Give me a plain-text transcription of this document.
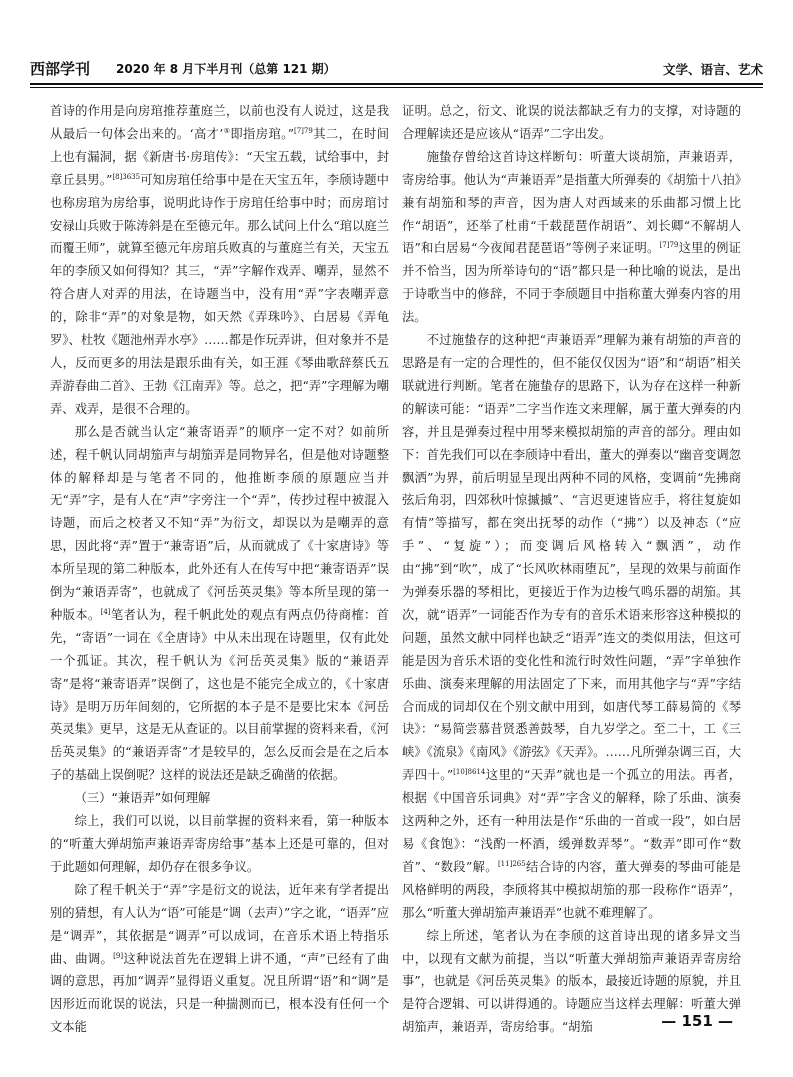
西部学刊 2020 年 8 月下半月刊（总第 121 期）	文学、语言、艺术

首诗的作用是向房琯推荐董庭兰，以前也没有人说过，这是我从最后一句体会出来的。‘高才’⑤即指房琯。”$^{[7]79}$其二，在时间上也有漏洞，据《新唐书·房琯传》：“天宝五载，试给事中，封章丘县男。”$^{[8]3635}$可知房琯任给事中是在天宝五年，李颀诗题中也称房琯为房给事，说明此诗作于房琯任给事中时；而房琯讨安禄山兵败于陈涛斜是在至德元年。那么试问上什么“琯以庭兰而覆王师”，就算至德元年房琯兵败真的与董庭兰有关，天宝五年的李颀又如何得知？其三，“弄”字解作戏弄、嘲弄，显然不符合唐人对弄的用法，在诗题当中，没有用“弄”字表嘲弄意的，除非“弄”的对象是物，如天然《弄珠吟》、白居易《弄龟罗》、杜牧《题池州弄水亭》……都是作玩弄讲，但对象并不是人，反而更多的用法是跟乐曲有关，如王涯《琴曲歌辞蔡氏五弄游春曲二首》、王勃《江南弄》等。总之，把“弄”字理解为嘲弄、戏弄，是很不合理的。

那么是否就当认定“兼寄语弄”的顺序一定不对？如前所述，程千帆认同胡笳声与胡笳弄是同物异名，但是他对诗题整体的解释却是与笔者不同的，他推断李颀的原题应当并无“弄”字，是有人在“声”字旁注一个“弄”，传抄过程中被混入诗题，而后之校者又不知“弄”为衍文，却误以为是嘲弄的意思，因此将“弄”置于“兼寄语”后，从而就成了《十家唐诗》等本所呈现的第二种版本，此外还有人在传写中把“兼寄语弄”误倒为“兼语弄寄”，也就成了《河岳英灵集》等本所呈现的第一种版本。[4]笔者认为，程千帆此处的观点有两点仍待商榷：首先，“寄语”一词在《全唐诗》中从未出现在诗题里，仅有此处一个孤证。其次，程千帆认为《河岳英灵集》版的“兼语弄寄”是将“兼寄语弄”误倒了，这也是不能完全成立的，《十家唐诗》是明万历年间刻的，它所据的本子是不是要比宋本《河岳英灵集》更早，这是无从查证的。以目前掌握的资料来看，《河岳英灵集》的“兼语弄寄”才是较早的，怎么反而会是在之后本子的基础上误倒呢？这样的说法还是缺乏确凿的依据。

（三）“兼语弄”如何理解

综上，我们可以说，以目前掌握的资料来看，第一种版本的“听董大弹胡笳声兼语弄寄房给事”基本上还是可靠的，但对于此题如何理解，却仍存在很多争议。

除了程千帆关于“弄”字是衍文的说法，近年来有学者提出别的猜想，有人认为“语”可能是“调（去声）”字之讹，“语弄”应是“调弄”，其依据是“调弄”可以成词，在音乐术语上特指乐曲、曲调。[9]这种说法首先在逻辑上讲不通，“声”已经有了曲调的意思，再加“调弄”显得语义重复。况且所谓“语”和“调”是因形近而讹误的说法，只是一种揣测而已，根本没有任何一个文本能

证明。总之，衍文、讹误的说法都缺乏有力的支撑，对诗题的合理解读还是应该从“语弄”二字出发。

施蛰存曾给这首诗这样断句：听董大谈胡笳，声兼语弄，寄房给事。他认为“声兼语弄”是指董大所弹奏的《胡笳十八拍》兼有胡笳和琴的声音，因为唐人对西域来的乐曲都习惯上比作“胡语”，还举了杜甫“千载琵琶作胡语”、刘长卿“不解胡人语”和白居易“今夜闻君琵琶语”等例子来证明。$^{[7]79}$这里的例证并不恰当，因为所举诗句的“语”都只是一种比喻的说法，是出于诗歌当中的修辞，不同于李颀题目中指称董大弹奏内容的用法。

不过施蛰存的这种把“声兼语弄”理解为兼有胡笳的声音的思路是有一定的合理性的，但不能仅仅因为“语”和“胡语”相关联就进行判断。笔者在施蛰存的思路下，认为存在这样一种新的解读可能：“语弄”二字当作连文来理解，属于董大弹奏的内容，并且是弹奏过程中用琴来模拟胡笳的声音的部分。理由如下：首先我们可以在李颀诗中看出，董大的弹奏以“幽音变调忽飘洒”为界，前后明显呈现出两种不同的风格，变调前“先拂商弦后角羽，四郊秋叶惊摵摵”、“言迟更速皆应手，将往复旋如有情”等描写，都在突出抚琴的动作（“拂”）以及神态（“应手”、“复旋”）；而变调后风格转入“飘洒”，动作由“拂”到“吹”，成了“长风吹林雨堕瓦”，呈现的效果与前面作为弹奏乐器的琴相比，更接近于作为边梭气鸣乐器的胡笳。其次，就“语弄”一词能否作为专有的音乐术语来形容这种模拟的问题，虽然文献中同样也缺乏“语弄”连文的类似用法，但这可能是因为音乐术语的变化性和流行时效性问题，“弄”字单独作乐曲、演奏来理解的用法固定了下来，而用其他字与“弄”字结合而成的词却仅在个别文献中用到，如唐代琴工薛易简的《琴诀》：“易简尝慕昔贤悉善鼓琴，自九岁学之。至二十，工《三峡》《流泉》《南风》《游弦》《天弄》。……凡所弹杂调三百，大弄四十。”$^{[10]8614}$这里的“天弄”就也是一个孤立的用法。再者，根据《中国音乐词典》对“弄”字含义的解释，除了乐曲、演奏这两种之外，还有一种用法是作“乐曲的一首或一段”，如白居易《食饱》：“浅酌一杯酒，缓弹数弄琴”。“数弄”即可作“数首”、“数段”解。$^{[11]265}$结合诗的内容，董大弹奏的琴曲可能是风格鲜明的两段，李颀将其中模拟胡笳的那一段称作“语弄”，那么“听董大弹胡笳声兼语弄”也就不难理解了。

综上所述，笔者认为在李颀的这首诗出现的诸多异文当中，以现有文献为前提，当以“听董大弹胡笳声兼语弄寄房给事”，也就是《河岳英灵集》的版本，最接近诗题的原貌，并且是符合逻辑、可以讲得通的。诗题应当这样去理解：听董大弹胡笳声，兼语弄，寄房给事。“胡笳	— 151 —
